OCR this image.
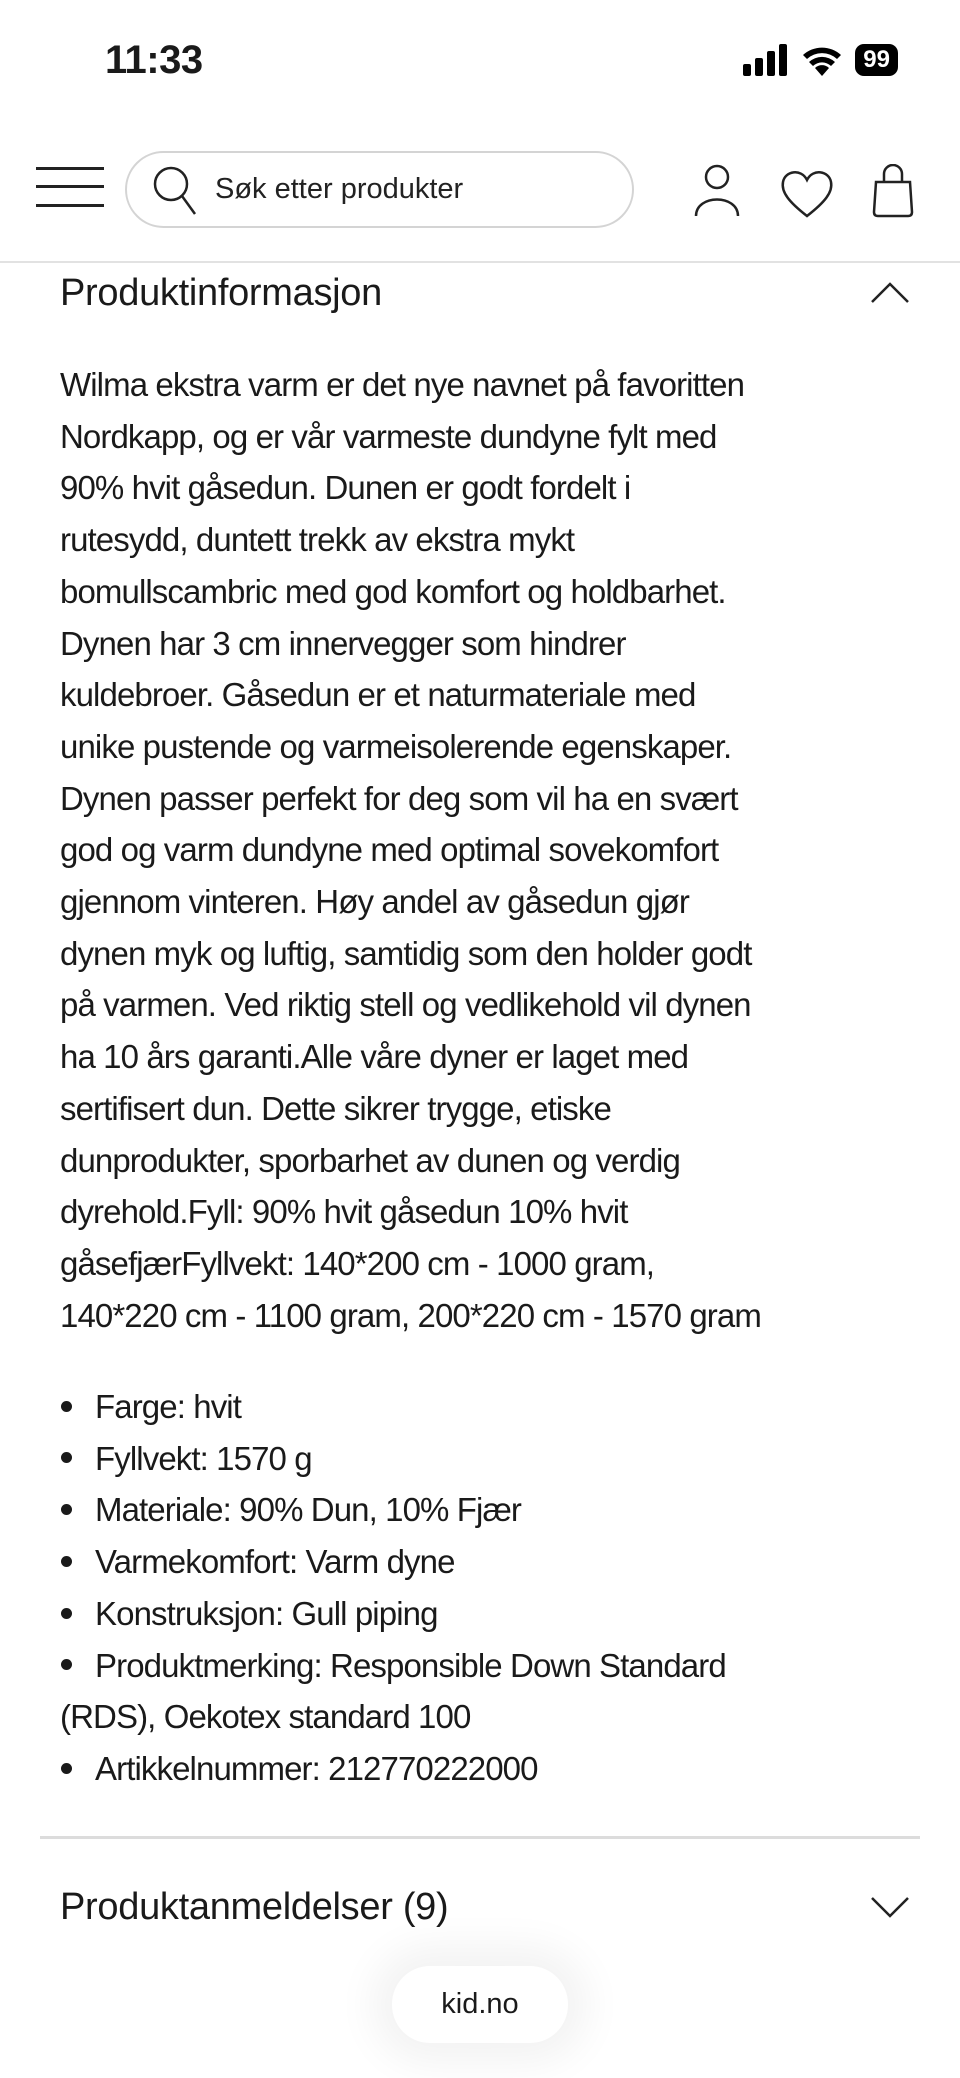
11:33	99
Søk etter produkter
Produktinformasjon
Wilma ekstra varm er det nye navnet på favoritten
Nordkapp, og er vår varmeste dundyne fylt med
90% hvit gåsedun. Dunen er godt fordelt i
rutesydd, duntett trekk av ekstra mykt
bomullscambric med god komfort og holdbarhet.
Dynen har 3 cm innervegger som hindrer
kuldebroer. Gåsedun er et naturmateriale med
unike pustende og varmeisolerende egenskaper.
Dynen passer perfekt for deg som vil ha en svært
god og varm dundyne med optimal sovekomfort
gjennom vinteren. Høy andel av gåsedun gjør
dynen myk og luftig, samtidig som den holder godt
på varmen. Ved riktig stell og vedlikehold vil dynen
ha 10 års garanti.Alle våre dyner er laget med
sertifisert dun. Dette sikrer trygge, etiske
dunprodukter, sporbarhet av dunen og verdig
dyrehold.Fyll: 90% hvit gåsedun 10% hvit
gåsefjærFyllvekt: 140*200 cm - 1000 gram,
140*220 cm - 1100 gram, 200*220 cm - 1570 gram
Farge: hvit
Fyllvekt: 1570 g
Materiale: 90% Dun, 10% Fjær
Varmekomfort: Varm dyne
Konstruksjon: Gull piping
Produktmerking: Responsible Down Standard
(RDS), Oekotex standard 100
Artikkelnummer: 212770222000
Produktanmeldelser (9)
kid.no
